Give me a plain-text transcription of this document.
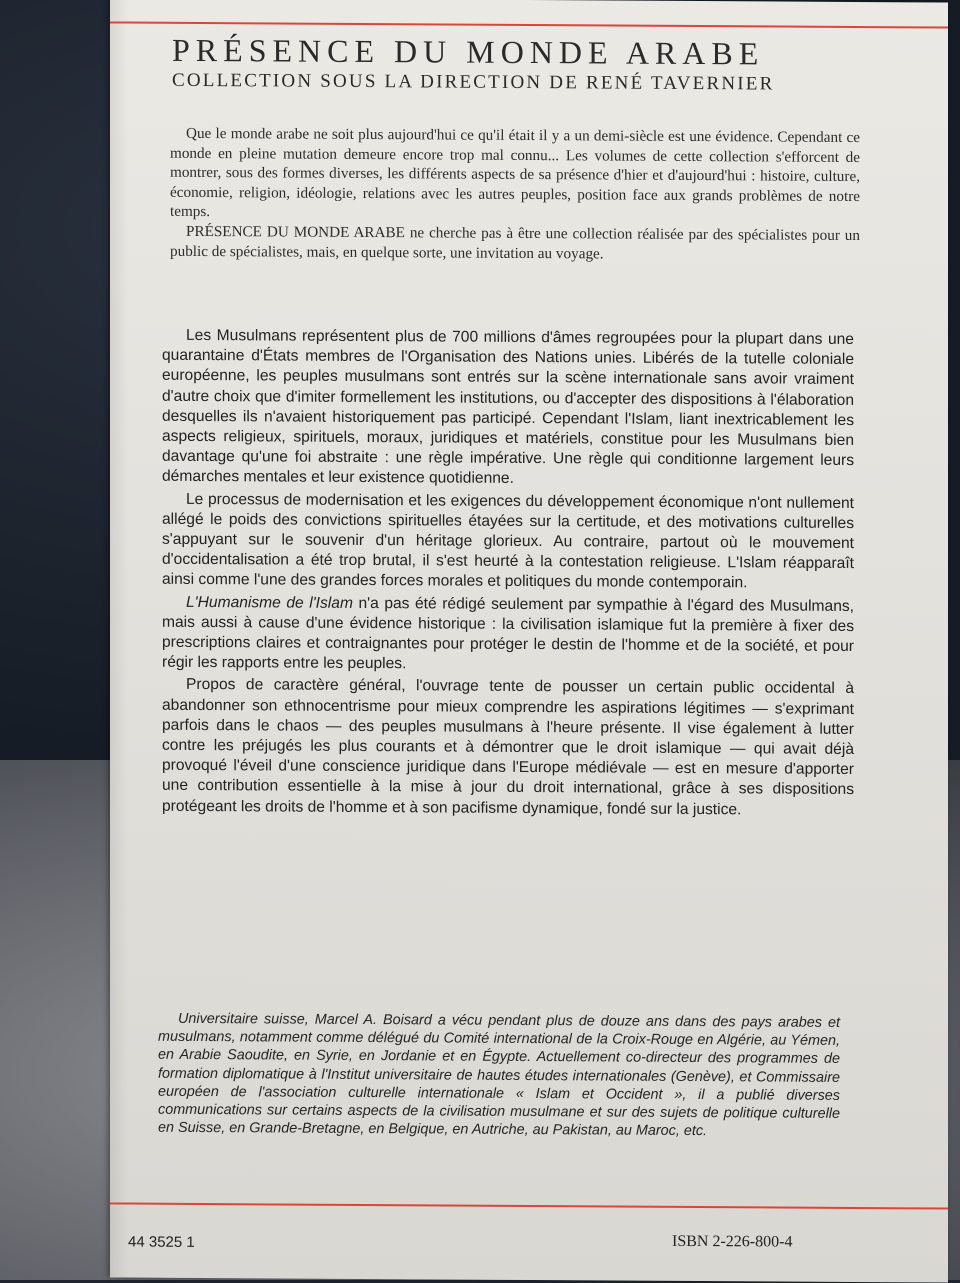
PRÉSENCE DU MONDE ARABE
COLLECTION SOUS LA DIRECTION DE RENÉ TAVERNIER

Que le monde arabe ne soit plus aujourd'hui ce qu'il était il y a un demi-siècle est une évidence. Cependant ce monde en pleine mutation demeure encore trop mal connu... Les volumes de cette collection s'efforcent de montrer, sous des formes diverses, les différents aspects de sa présence d'hier et d'aujourd'hui : histoire, culture, économie, religion, idéologie, relations avec les autres peuples, position face aux grands problèmes de notre temps.

PRÉSENCE DU MONDE ARABE ne cherche pas à être une collection réalisée par des spécialistes pour un public de spécialistes, mais, en quelque sorte, une invitation au voyage.

Les Musulmans représentent plus de 700 millions d'âmes regroupées pour la plupart dans une quarantaine d'États membres de l'Organisation des Nations unies. Libérés de la tutelle coloniale européenne, les peuples musulmans sont entrés sur la scène internationale sans avoir vraiment d'autre choix que d'imiter formellement les institutions, ou d'accepter des dispositions à l'élaboration desquelles ils n'avaient historiquement pas participé. Cependant l'Islam, liant inextricablement les aspects religieux, spirituels, moraux, juridiques et matériels, constitue pour les Musulmans bien davantage qu'une foi abstraite : une règle impérative. Une règle qui conditionne largement leurs démarches mentales et leur existence quotidienne.

Le processus de modernisation et les exigences du développement économique n'ont nullement allégé le poids des convictions spirituelles étayées sur la certitude, et des motivations culturelles s'appuyant sur le souvenir d'un héritage glorieux. Au contraire, partout où le mouvement d'occidentalisation a été trop brutal, il s'est heurté à la contestation religieuse. L'Islam réapparaît ainsi comme l'une des grandes forces morales et politiques du monde contemporain.

L'Humanisme de l'Islam n'a pas été rédigé seulement par sympathie à l'égard des Musulmans, mais aussi à cause d'une évidence historique : la civilisation islamique fut la première à fixer des prescriptions claires et contraignantes pour protéger le destin de l'homme et de la société, et pour régir les rapports entre les peuples.

Propos de caractère général, l'ouvrage tente de pousser un certain public occidental à abandonner son ethnocentrisme pour mieux comprendre les aspirations légitimes — s'exprimant parfois dans le chaos — des peuples musulmans à l'heure présente. Il vise également à lutter contre les préjugés les plus courants et à démontrer que le droit islamique — qui avait déjà provoqué l'éveil d'une conscience juridique dans l'Europe médiévale — est en mesure d'apporter une contribution essentielle à la mise à jour du droit international, grâce à ses dispositions protégeant les droits de l'homme et à son pacifisme dynamique, fondé sur la justice.

Universitaire suisse, Marcel A. Boisard a vécu pendant plus de douze ans dans des pays arabes et musulmans, notamment comme délégué du Comité international de la Croix-Rouge en Algérie, au Yémen, en Arabie Saoudite, en Syrie, en Jordanie et en Égypte. Actuellement co-directeur des programmes de formation diplomatique à l'Institut universitaire de hautes études internationales (Genève), et Commissaire européen de l'association culturelle internationale « Islam et Occident », il a publié diverses communications sur certains aspects de la civilisation musulmane et sur des sujets de politique culturelle en Suisse, en Grande-Bretagne, en Belgique, en Autriche, au Pakistan, au Maroc, etc.

44 3525 1	ISBN 2-226-800-4
